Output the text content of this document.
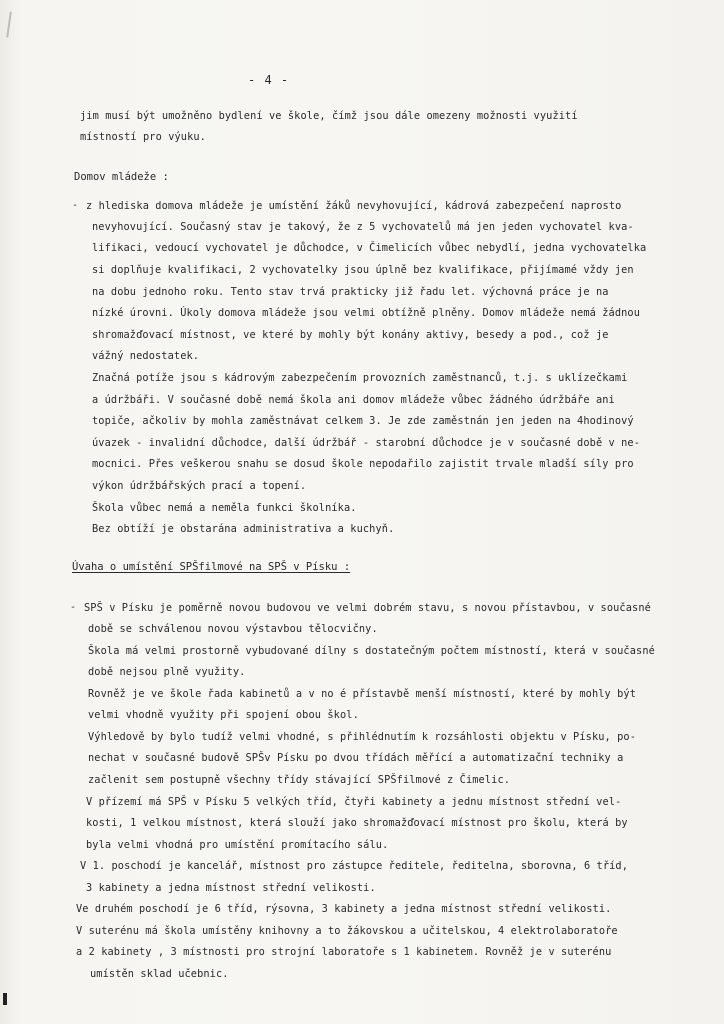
- 4 -
jim musí být umožněno bydlení ve škole, čímž jsou dále omezeny možnosti využití
místností pro výuku.
Domov mládeže :
- z hlediska domova mládeže je umístění žáků nevyhovující, kádrová zabezpečení naprosto
nevyhovující. Současný stav je takový, že z 5 vychovatelů má jen jeden vychovatel kva-
lifikaci, vedoucí vychovatel je důchodce, v Čimelicích vůbec nebydlí, jedna vychovatelka
si doplňuje kvalifikaci, 2 vychovatelky jsou úplně bez kvalifikace, přijímamé vždy jen
na dobu jednoho roku. Tento stav trvá prakticky již řadu let. výchovná práce je na
nízké úrovni. Úkoly domova mládeže jsou velmi obtížně plněny. Domov mládeže nemá žádnou
shromažďovací místnost, ve které by mohly být konány aktivy, besedy a pod., což je
vážný nedostatek.
Značná potíže jsou s kádrovým zabezpečením provozních zaměstnanců, t.j. s uklízečkami
a údržbáři. V současné době nemá škola ani domov mládeže vůbec žádného údržbáře ani
topiče, ačkoliv by mohla zaměstnávat celkem 3. Je zde zaměstnán jen jeden na 4hodinový
úvazek - invalidní důchodce, další údržbář - starobní důchodce je v současné době v ne-
mocnici. Přes veškerou snahu se dosud škole nepodařilo zajistit trvale mladší síly pro
výkon údržbářských prací a topení.
Škola vůbec nemá a neměla funkci školníka.
Bez obtíží je obstarána administrativa a kuchyň.
Úvaha o umístění SPŠfilmové na SPŠ v Písku :
- SPŠ v Písku je poměrně novou budovou ve velmi dobrém stavu, s novou přístavbou, v současné
době se schválenou novou výstavbou tělocvičny.
Škola má velmi prostorně vybudované dílny s dostatečným počtem místností, která v současné
době nejsou plně využity.
Rovněž je ve škole řada kabinetů a v no é přístavbě menší místností, které by mohly být
velmi vhodně využity při spojení obou škol.
Výhledově by bylo tudíž velmi vhodné, s přihlédnutím k rozsáhlosti objektu v Písku, po-
nechat v současné budově SPŠv Písku po dvou třídách měřící a automatizační techniky a
začlenit sem postupně všechny třídy stávající SPŠfilmové z Čimelic.
V přízemí má SPŠ v Písku 5 velkých tříd, čtyři kabinety a jednu místnost střední vel-
kosti, 1 velkou místnost, která slouží jako shromažďovací místnost pro školu, která by
byla velmi vhodná pro umístění promítacího sálu.
V 1. poschodí je kancelář, místnost pro zástupce ředitele, ředitelna, sborovna, 6 tříd,
3 kabinety a jedna místnost střední velikosti.
Ve druhém poschodí je 6 tříd, rýsovna, 3 kabinety a jedna místnost střední velikosti.
V suterénu má škola umístěny knihovny a to žákovskou a učitelskou, 4 elektrolaboratoře
a 2 kabinety , 3 místnosti pro strojní laboratoře s 1 kabinetem. Rovněž je v suterénu
umístěn sklad učebnic.
